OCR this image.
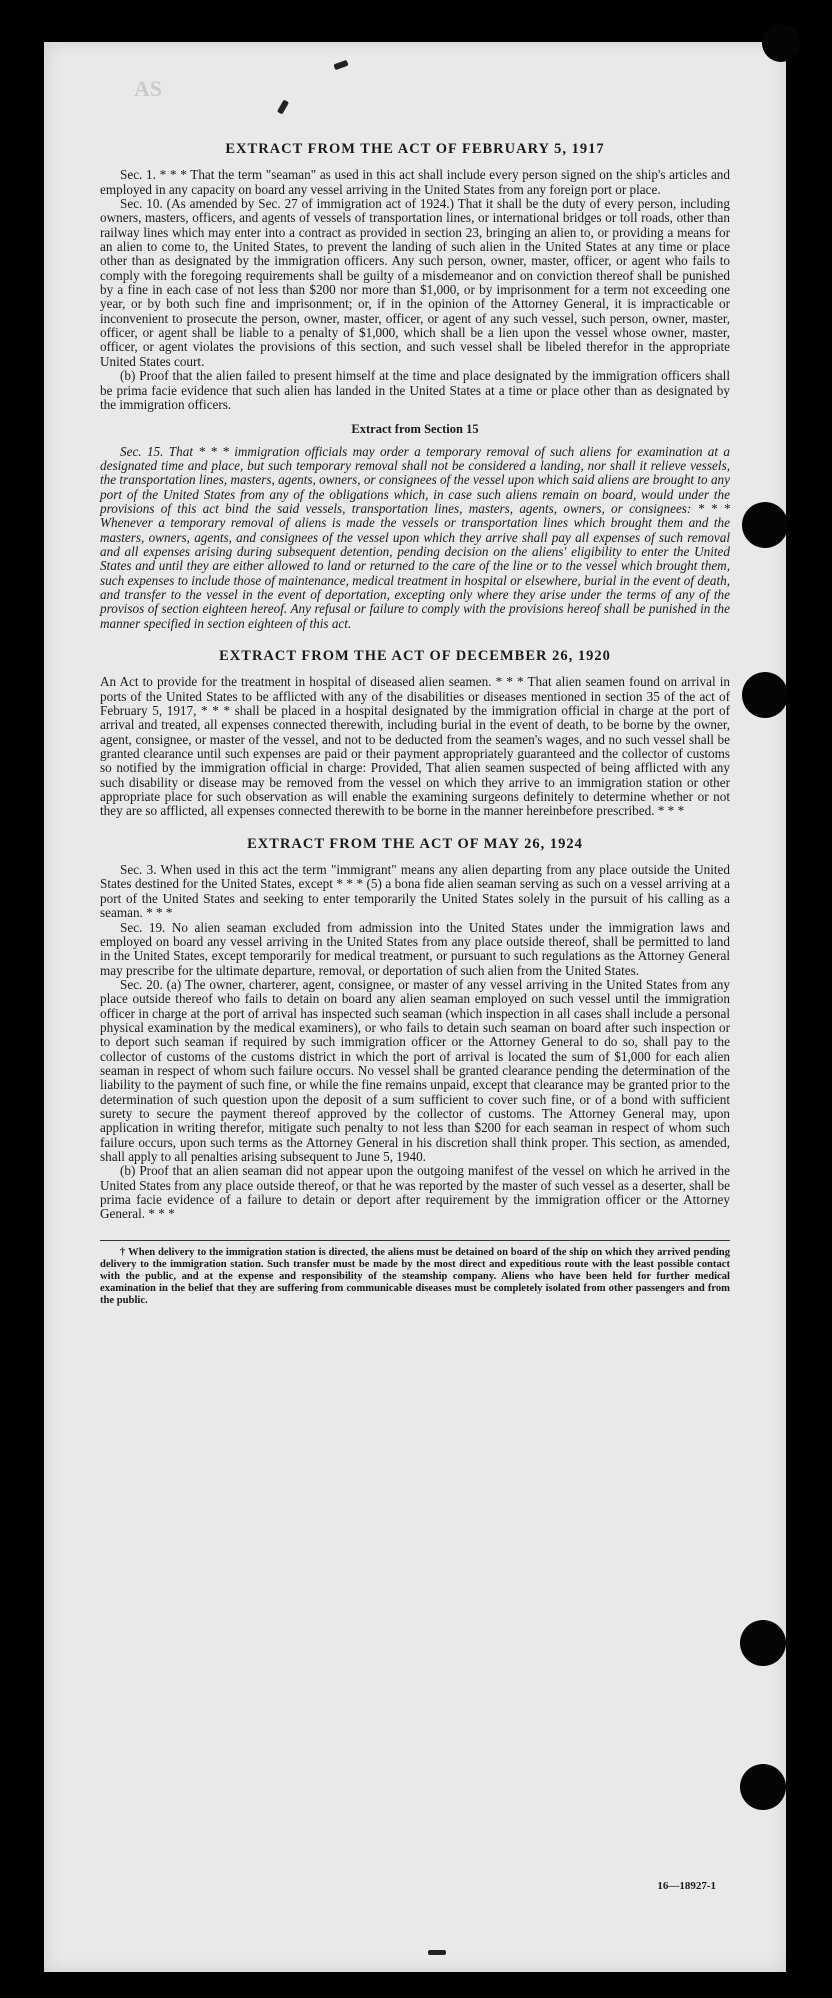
AS
EXTRACT FROM THE ACT OF FEBRUARY 5, 1917

Sec. 1. * * * That the term "seaman" as used in this act shall include every person signed on the ship's articles and employed in any capacity on board any vessel arriving in the United States from any foreign port or place.

Sec. 10. (As amended by Sec. 27 of immigration act of 1924.) That it shall be the duty of every person, including owners, masters, officers, and agents of vessels of transportation lines, or international bridges or toll roads, other than railway lines which may enter into a contract as provided in section 23, bringing an alien to, or providing a means for an alien to come to, the United States, to prevent the landing of such alien in the United States at any time or place other than as designated by the immigration officers. Any such person, owner, master, officer, or agent who fails to comply with the foregoing requirements shall be guilty of a misdemeanor and on conviction thereof shall be punished by a fine in each case of not less than $200 nor more than $1,000, or by imprisonment for a term not exceeding one year, or by both such fine and imprisonment; or, if in the opinion of the Attorney General, it is impracticable or inconvenient to prosecute the person, owner, master, officer, or agent of any such vessel, such person, owner, master, officer, or agent shall be liable to a penalty of $1,000, which shall be a lien upon the vessel whose owner, master, officer, or agent violates the provisions of this section, and such vessel shall be libeled therefor in the appropriate United States court.

(b) Proof that the alien failed to present himself at the time and place designated by the immigration officers shall be prima facie evidence that such alien has landed in the United States at a time or place other than as designated by the immigration officers.

Extract from Section 15

Sec. 15. That * * * immigration officials may order a temporary removal of such aliens for examination at a designated time and place, but such temporary removal shall not be considered a landing, nor shall it relieve vessels, the transportation lines, masters, agents, owners, or consignees of the vessel upon which said aliens are brought to any port of the United States from any of the obligations which, in case such aliens remain on board, would under the provisions of this act bind the said vessels, transportation lines, masters, agents, owners, or consignees: * * * Whenever a temporary removal of aliens is made the vessels or transportation lines which brought them and the masters, owners, agents, and consignees of the vessel upon which they arrive shall pay all expenses of such removal and all expenses arising during subsequent detention, pending decision on the aliens' eligibility to enter the United States and until they are either allowed to land or returned to the care of the line or to the vessel which brought them, such expenses to include those of maintenance, medical treatment in hospital or elsewhere, burial in the event of death, and transfer to the vessel in the event of deportation, excepting only where they arise under the terms of any of the provisos of section eighteen hereof. Any refusal or failure to comply with the provisions hereof shall be punished in the manner specified in section eighteen of this act.

EXTRACT FROM THE ACT OF DECEMBER 26, 1920

An Act to provide for the treatment in hospital of diseased alien seamen. * * * That alien seamen found on arrival in ports of the United States to be afflicted with any of the disabilities or diseases mentioned in section 35 of the act of February 5, 1917, * * * shall be placed in a hospital designated by the immigration official in charge at the port of arrival and treated, all expenses connected therewith, including burial in the event of death, to be borne by the owner, agent, consignee, or master of the vessel, and not to be deducted from the seamen's wages, and no such vessel shall be granted clearance until such expenses are paid or their payment appropriately guaranteed and the collector of customs so notified by the immigration official in charge: Provided, That alien seamen suspected of being afflicted with any such disability or disease may be removed from the vessel on which they arrive to an immigration station or other appropriate place for such observation as will enable the examining surgeons definitely to determine whether or not they are so afflicted, all expenses connected therewith to be borne in the manner hereinbefore prescribed. * * *

EXTRACT FROM THE ACT OF MAY 26, 1924

Sec. 3. When used in this act the term "immigrant" means any alien departing from any place outside the United States destined for the United States, except * * * (5) a bona fide alien seaman serving as such on a vessel arriving at a port of the United States and seeking to enter temporarily the United States solely in the pursuit of his calling as a seaman. * * *

Sec. 19. No alien seaman excluded from admission into the United States under the immigration laws and employed on board any vessel arriving in the United States from any place outside thereof, shall be permitted to land in the United States, except temporarily for medical treatment, or pursuant to such regulations as the Attorney General may prescribe for the ultimate departure, removal, or deportation of such alien from the United States.

Sec. 20. (a) The owner, charterer, agent, consignee, or master of any vessel arriving in the United States from any place outside thereof who fails to detain on board any alien seaman employed on such vessel until the immigration officer in charge at the port of arrival has inspected such seaman (which inspection in all cases shall include a personal physical examination by the medical examiners), or who fails to detain such seaman on board after such inspection or to deport such seaman if required by such immigration officer or the Attorney General to do so, shall pay to the collector of customs of the customs district in which the port of arrival is located the sum of $1,000 for each alien seaman in respect of whom such failure occurs. No vessel shall be granted clearance pending the determination of the liability to the payment of such fine, or while the fine remains unpaid, except that clearance may be granted prior to the determination of such question upon the deposit of a sum sufficient to cover such fine, or of a bond with sufficient surety to secure the payment thereof approved by the collector of customs. The Attorney General may, upon application in writing therefor, mitigate such penalty to not less than $200 for each seaman in respect of whom such failure occurs, upon such terms as the Attorney General in his discretion shall think proper. This section, as amended, shall apply to all penalties arising subsequent to June 5, 1940.

(b) Proof that an alien seaman did not appear upon the outgoing manifest of the vessel on which he arrived in the United States from any place outside thereof, or that he was reported by the master of such vessel as a deserter, shall be prima facie evidence of a failure to detain or deport after requirement by the immigration officer or the Attorney General. * * *

† When delivery to the immigration station is directed, the aliens must be detained on board of the ship on which they arrived pending delivery to the immigration station. Such transfer must be made by the most direct and expeditious route with the least possible contact with the public, and at the expense and responsibility of the steamship company. Aliens who have been held for further medical examination in the belief that they are suffering from communicable diseases must be completely isolated from other passengers and from the public.

16—18927-1
